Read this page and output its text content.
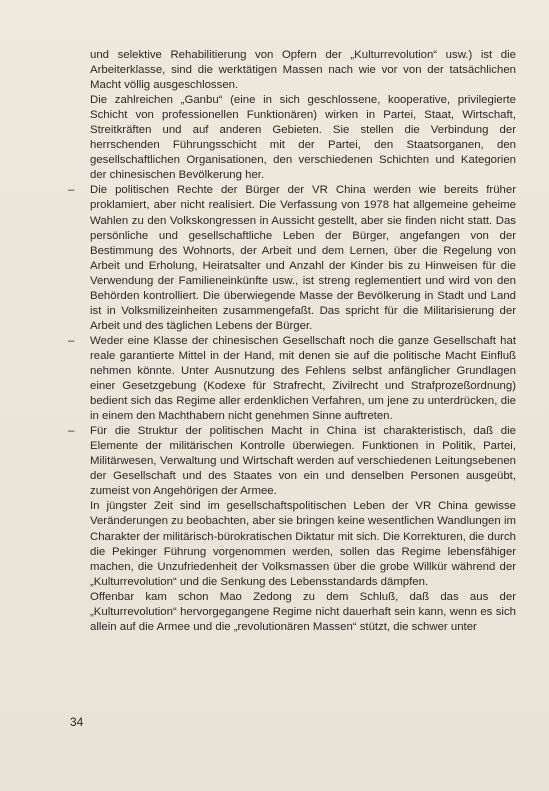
und selektive Rehabilitierung von Opfern der „Kulturrevolution“ usw.) ist die Arbeiterklasse, sind die werktätigen Massen nach wie vor von der tatsächlichen Macht völlig ausgeschlossen.

Die zahlreichen „Ganbu“ (eine in sich geschlossene, kooperative, privilegierte Schicht von professionellen Funktionären) wirken in Partei, Staat, Wirtschaft, Streitkräften und auf anderen Gebieten. Sie stellen die Verbindung der herrschenden Führungsschicht mit der Partei, den Staatsorganen, den gesellschaftlichen Organisationen, den verschiedenen Schichten und Kategorien der chinesischen Bevölkerung her.

– Die politischen Rechte der Bürger der VR China werden wie bereits früher proklamiert, aber nicht realisiert. Die Verfassung von 1978 hat allgemeine geheime Wahlen zu den Volkskongressen in Aussicht gestellt, aber sie finden nicht statt. Das persönliche und gesellschaftliche Leben der Bürger, angefangen von der Bestimmung des Wohnorts, der Arbeit und dem Lernen, über die Regelung von Arbeit und Erholung, Heiratsalter und Anzahl der Kinder bis zu Hinweisen für die Verwendung der Familieneinkünfte usw., ist streng reglementiert und wird von den Behörden kontrolliert. Die überwiegende Masse der Bevölkerung in Stadt und Land ist in Volksmilizeinheiten zusammengefaßt. Das spricht für die Militarisierung der Arbeit und des täglichen Lebens der Bürger.

– Weder eine Klasse der chinesischen Gesellschaft noch die ganze Gesellschaft hat reale garantierte Mittel in der Hand, mit denen sie auf die politische Macht Einfluß nehmen könnte. Unter Ausnutzung des Fehlens selbst anfänglicher Grundlagen einer Gesetzgebung (Kodexe für Strafrecht, Zivilrecht und Strafprozeßordnung) bedient sich das Regime aller erdenklichen Verfahren, um jene zu unterdrücken, die in einem den Machthabern nicht genehmen Sinne auftreten.

– Für die Struktur der politischen Macht in China ist charakteristisch, daß die Elemente der militärischen Kontrolle überwiegen. Funktionen in Politik, Partei, Militärwesen, Verwaltung und Wirtschaft werden auf verschiedenen Leitungsebenen der Gesellschaft und des Staates von ein und denselben Personen ausgeübt, zumeist von Angehörigen der Armee.

In jüngster Zeit sind im gesellschaftspolitischen Leben der VR China gewisse Veränderungen zu beobachten, aber sie bringen keine wesentlichen Wandlungen im Charakter der militärisch-bürokratischen Diktatur mit sich. Die Korrekturen, die durch die Pekinger Führung vorgenommen werden, sollen das Regime lebensfähiger machen, die Unzufriedenheit der Volksmassen über die grobe Willkür während der „Kulturrevolution“ und die Senkung des Lebensstandards dämpfen.

Offenbar kam schon Mao Zedong zu dem Schluß, daß das aus der „Kulturrevolution“ hervorgegangene Regime nicht dauerhaft sein kann, wenn es sich allein auf die Armee und die „revolutionären Massen“ stützt, die schwer unter

34
